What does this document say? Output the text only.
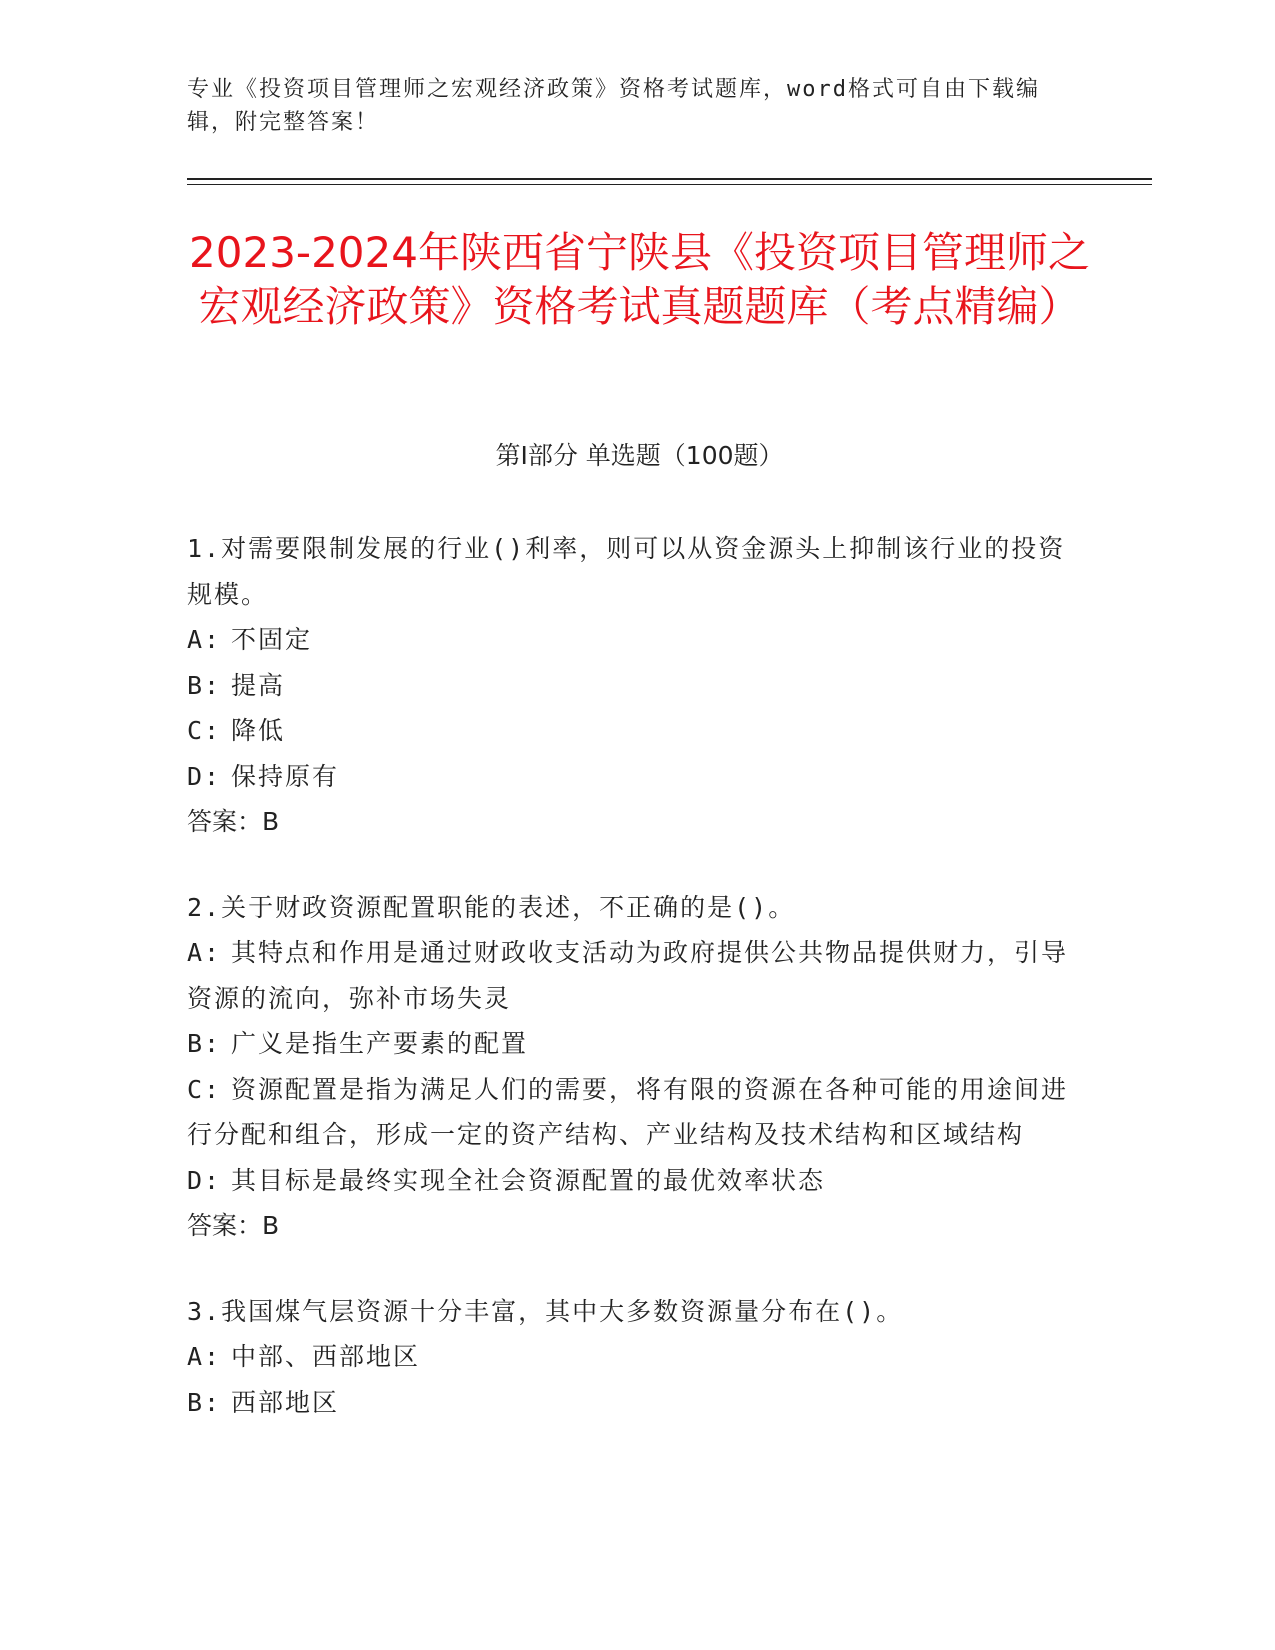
专业《投资项目管理师之宏观经济政策》资格考试题库，word格式可自由下载编辑，附完整答案！
2023-2024年陕西省宁陕县《投资项目管理师之宏观经济政策》资格考试真题题库（考点精编）
第I部分 单选题（100题）
1.对需要限制发展的行业()利率，则可以从资金源头上抑制该行业的投资规模。
A: 不固定
B: 提高
C: 降低
D: 保持原有
答案：B
2.关于财政资源配置职能的表述，不正确的是()。
A: 其特点和作用是通过财政收支活动为政府提供公共物品提供财力，引导资源的流向，弥补市场失灵
B: 广义是指生产要素的配置
C: 资源配置是指为满足人们的需要，将有限的资源在各种可能的用途间进行分配和组合，形成一定的资产结构、产业结构及技术结构和区域结构
D: 其目标是最终实现全社会资源配置的最优效率状态
答案：B
3.我国煤气层资源十分丰富，其中大多数资源量分布在()。
A: 中部、西部地区
B: 西部地区
